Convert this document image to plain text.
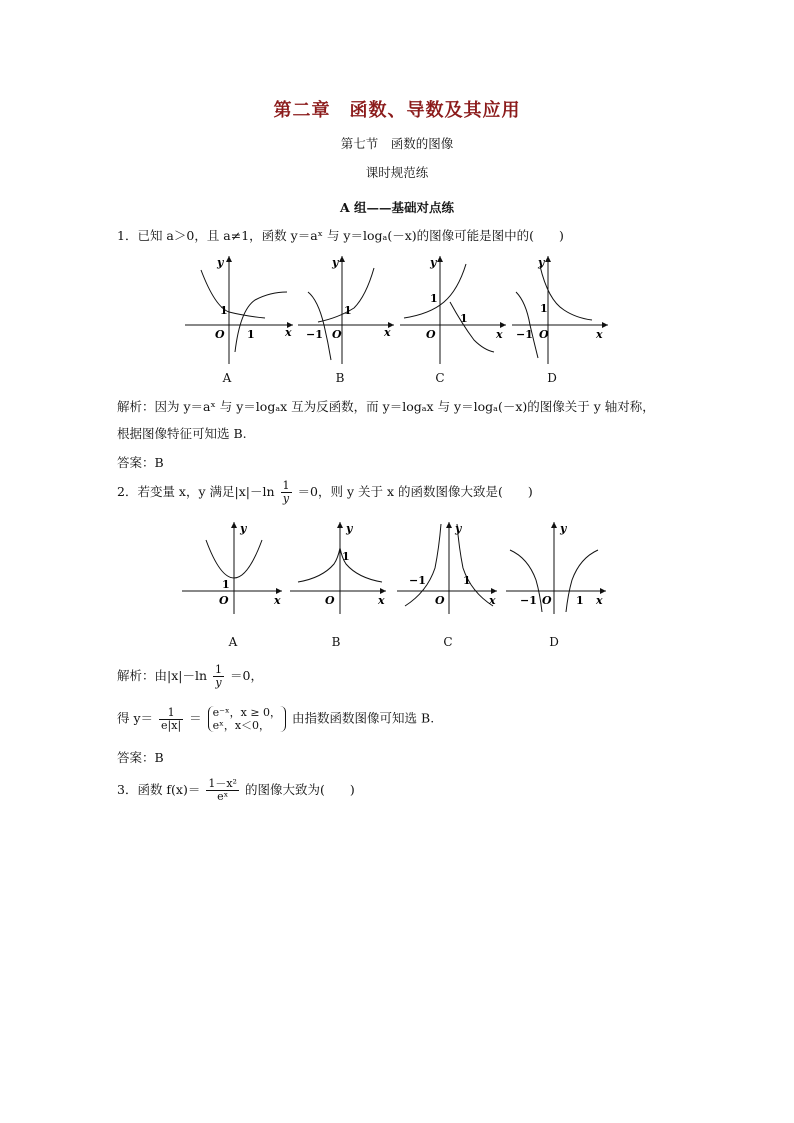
第二章　函数、导数及其应用
第七节　函数的图像
课时规范练
A 组——基础对点练
1．已知 a＞0，且 a≠1，函数 y＝aˣ 与 y＝logₐ(－x)的图像可能是图中的(　　)
y
x
O
1
1
A
y
x
O
1
−1
B
y
x
O
1
1
C
y
x
O
1
−1
D
解析：因为 y＝aˣ 与 y＝logₐx 互为反函数，而 y＝logₐx 与 y＝logₐ(－x)的图像关于 y 轴对称，
根据图像特征可知选 B.
答案：B
2．若变量 x，y 满足$|x|-\ln \frac{1}{y} =0$，则 y 关于 x 的函数图像大致是(　　)
y
x
O
1
A
y
x
O
1
B
y
x
O
−1	1
C
y
x
O
−1	1
D
解析：由$|x|-\ln \frac{1}{y} =0$，
得 $y= \frac{1}{e|x|}$ ＝ e⁻ˣ，x ≥ 0，
eˣ，x＜0，	由指数函数图像可知选 B.
答案：B
3．函数 $f(x)= \frac{\text{1－x²}}{\text{eˣ}}$ 的图像大致为(　　)
